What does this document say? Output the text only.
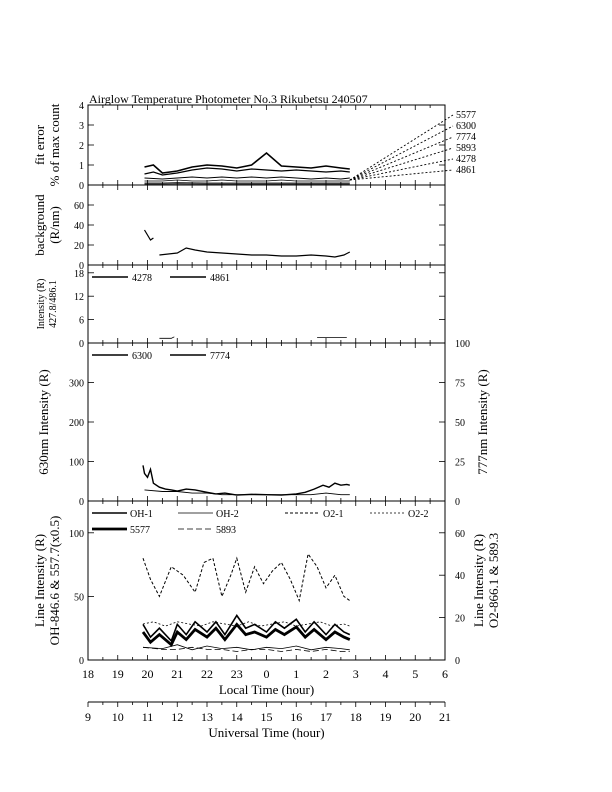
Airglow Temperature Photometer No.3 Rikubetsu 240507
0
1
2
3
4
fit error % of max count	5577
6300
7774
5893
4278
4861
0
20
40
60
background (R/nm)
0
6
12
18
Intensity (R) 427.8/486.1
4278	4861
0
100
200
300
0
25
50
75
100
630nm Intensity (R)	777nm Intensity (R)
6300	7774
0
50
100
0
20
40
60
Line Intensity (R) OH-846.6 & 557.7(x0.5)	Line Intensity (R) O2-866.1 & 589.3
OH-1	OH-2	O2-1	O2-2
5577	5893
18 19 20 21 22 23 0 1 2 3 4 5 6
Local Time (hour)
9 10 11 12 13 14 15 16 17 18 19 20 21
Universal Time (hour)
